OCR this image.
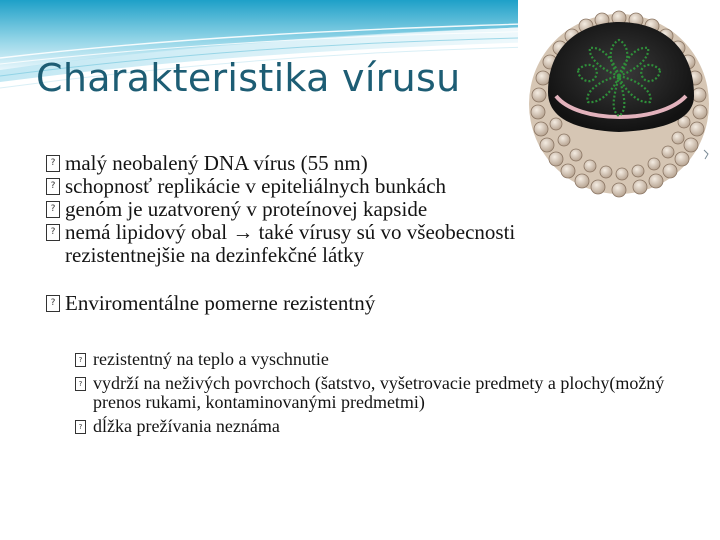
Charakteristika vírusu
? malý neobalený DNA vírus (55 nm)
? schopnosť replikácie v epiteliálnych bunkách
? genóm je uzatvorený v proteínovej kapside
? nemá lipidový obal → také vírusy sú vo všeobecnosti rezistentnejšie na dezinfekčné látky
? Enviromentálne pomerne rezistentný
? rezistentný na teplo a vyschnutie
? vydrží na neživých povrchoch (šatstvo, vyšetrovacie predmety a plochy(možný prenos rukami, kontaminovanými predmetmi)
? dĺžka prežívania neznáma
